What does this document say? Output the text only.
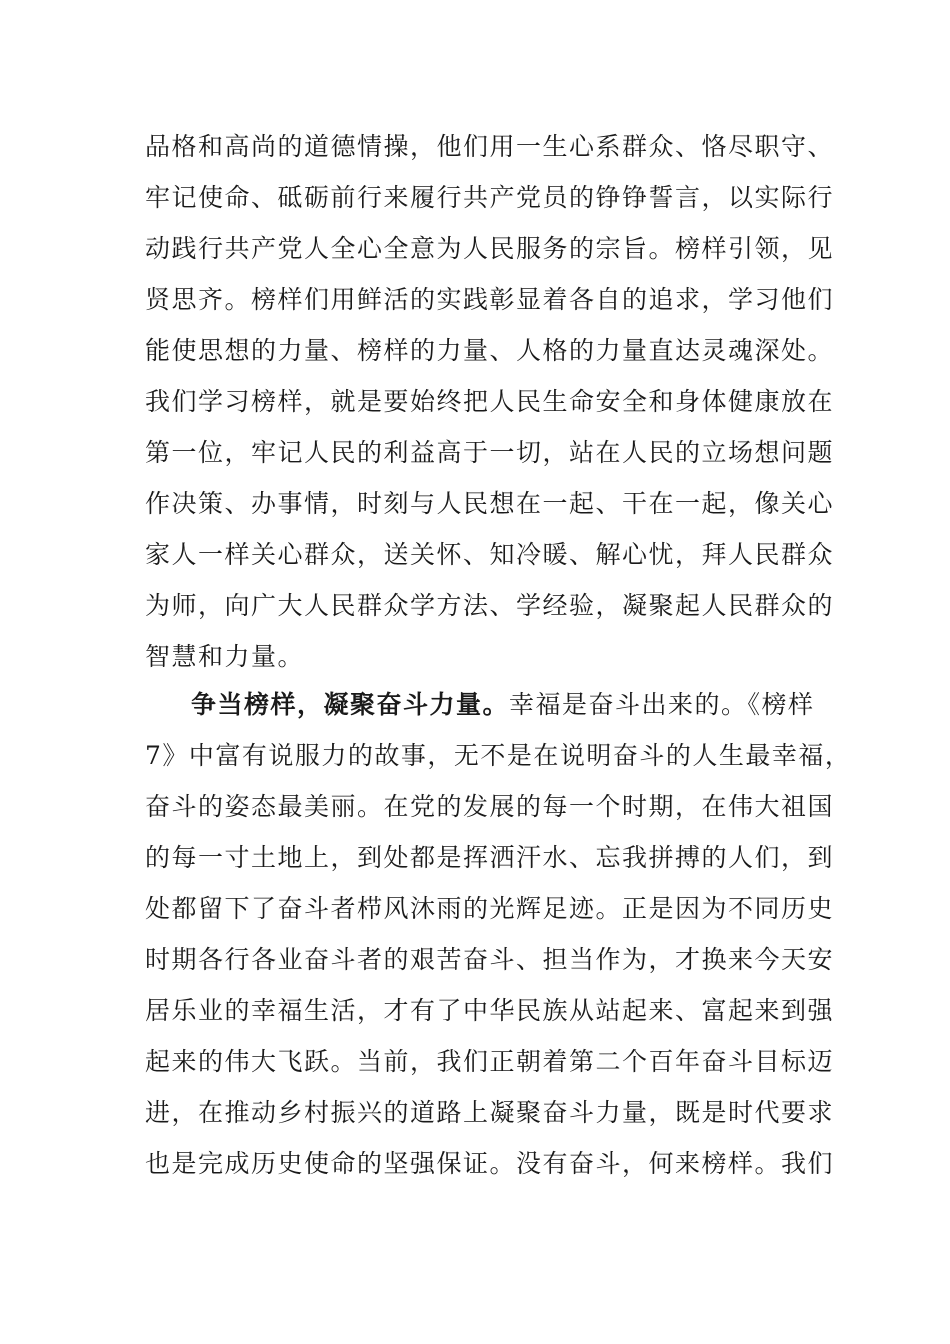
品格和高尚的道德情操，他们用一生心系群众、恪尽职守、
牢记使命、砥砺前行来履行共产党员的铮铮誓言，以实际行
动践行共产党人全心全意为人民服务的宗旨。榜样引领，见
贤思齐。榜样们用鲜活的实践彰显着各自的追求，学习他们
能使思想的力量、榜样的力量、人格的力量直达灵魂深处。
我们学习榜样，就是要始终把人民生命安全和身体健康放在
第一位，牢记人民的利益高于一切，站在人民的立场想问题
作决策、办事情，时刻与人民想在一起、干在一起，像关心
家人一样关心群众，送关怀、知冷暖、解心忧，拜人民群众
为师，向广大人民群众学方法、学经验，凝聚起人民群众的
智慧和力量。
争当榜样，凝聚奋斗力量。幸福是奋斗出来的。《榜样
7》中富有说服力的故事，无不是在说明奋斗的人生最幸福，
奋斗的姿态最美丽。在党的发展的每一个时期，在伟大祖国
的每一寸土地上，到处都是挥洒汗水、忘我拼搏的人们，到
处都留下了奋斗者栉风沐雨的光辉足迹。正是因为不同历史
时期各行各业奋斗者的艰苦奋斗、担当作为，才换来今天安
居乐业的幸福生活，才有了中华民族从站起来、富起来到强
起来的伟大飞跃。当前，我们正朝着第二个百年奋斗目标迈
进，在推动乡村振兴的道路上凝聚奋斗力量，既是时代要求
也是完成历史使命的坚强保证。没有奋斗，何来榜样。我们
